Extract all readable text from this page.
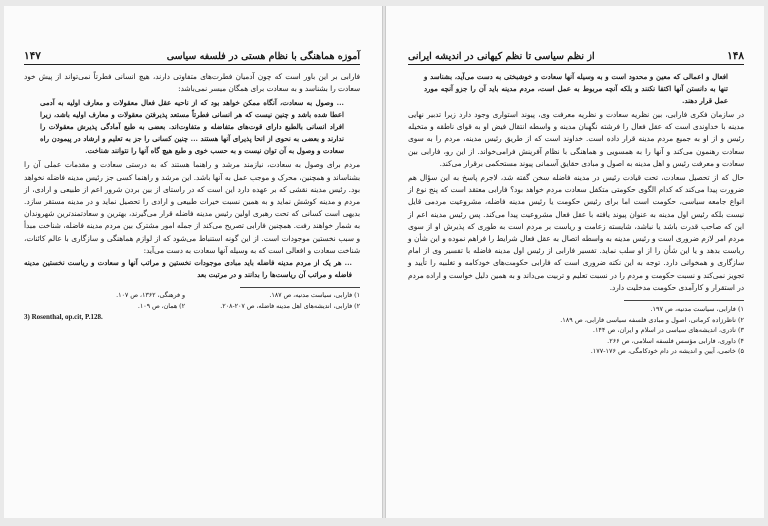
آموزه هماهنگی با نظام هستی در فلسفه سیاسی
۱۴۷

فارابی بر این باور است که چون آدمیان فطرت‌های متفاوتی دارند، هیچ انسانی فطرتاً نمی‌تواند از پیش خود سعادت را بشناسد و به سعادت برای همگان میسر نمی‌باشد:

... وصول به سعادت، آنگاه ممکن خواهد بود که از ناحیه عقل فعال معقولات و معارف اولیه به آدمی اعطا شده باشد و چنین نیست که هر انسانی فطرتاً مستعد پذیرفتن معقولات و معارف اولیه باشد، زیرا افراد انسانی بالطبع دارای قوت‌های متفاضله و متفاوت‌اند. بعضی به طبع آمادگی پذیرش معقولات را ندارند و بعضی به نحوی از انحا پذیرای آنها هستند ... چنین کسانی را جز به تعلیم و ارشاد در پیمودن راه سعادت و وصول به آن توان نیست و به حسب خوی و طبع هیچ گاه آنها را نتوانند شناخت.

مردم برای وصول به سعادت، نیازمند مرشد و راهنما هستند که به درستی سعادت و مقدمات عملی آن را بشناساند و همچنین، محرک و موجب عمل به آنها باشد. این مرشد و راهنما کسی جز رئیس مدینه فاضله نخواهد بود. رئیس مدینه نقشی که بر عهده دارد این است که در راستای از بین بردن شرور اعم از طبیعی و ارادی، از مردم و مدینه کوشش نماید و به همین نسبت خیرات طبیعی و ارادی را تحصیل نماید و در مدینه مستقر سازد. بدیهی است کسانی که تحت رهبری اولین رئیس مدینه فاضله قرار می‌گیرند، بهترین و سعادتمندترین شهروندان به شمار خواهند رفت. همچنین فارابی تصریح می‌کند از جمله امور مشترک بین مردم مدینه فاضله، شناخت مبدأ و سبب نخستین موجودات است. از این گونه استنباط می‌شود که از لوازم هماهنگی و سازگاری با عالم کائنات، شناخت سعادت و افعالی است که به وسیله آنها سعادت به دست می‌آید:

... هر یک از مردم مدینه فاضله باید مبادی موجودات نخستین و مراتب آنها و سعادت و ریاست نخستین مدینه فاضله و مراتب آن ریاست‌ها را بدانند و در مرتبت بعد

۱) فارابی، سیاست مدنیه، ص ۱۸۷.
۲) فارابی، اندیشه‌های اهل مدینه فاضله، ص ۲۰۷-۲۰۸.
و فرهنگی، ۱۳۶۲، ص ۱۰۷.
۲) همان، ص ۱۰۹.
3) Rosenthal, op.cit, P.128.
۱۴۸
از نظم سیاسی تا نظم کیهانی در اندیشه ایرانی

افعال و اعمالی که معین و محدود است و به وسیله آنها سعادت و خوشبختی به دست می‌آید، بشناسد و تنها به دانستن آنها اکتفا نکنند و بلکه آنچه مربوط به عمل است، مردم مدینه باید آن را جزو آنچه مورد عمل قرار دهند.

در سازمان فکری فارابی، بین نظریه سعادت و نظریه معرفت وی، پیوند استواری وجود دارد زیرا تدبیر نهایی مدینه با خداوندی است که عقل فعال را فرشته نگهبان مدینه و واسطه انتقال فیض او به قوای ناطقه و متخیله رئیس و از او به جمیع مردم مدینه قرار داده است. خداوند است که از طریق رئیس مدینه، مردم را به سوی سعادت رهنمون می‌کند و آنها را به همسویی و هماهنگی با نظام آفرینش فرامی‌خواند. از این رو، فارابی بین سعادت و معرفت رئیس و اهل مدینه به اصول و مبادی حقایق آسمانی پیوند مستحکمی برقرار می‌کند.

حال که از تحصیل سعادت، تحت قیادت رئیس در مدینه فاضله سخن گفته شد، لاجرم پاسخ به این سؤال هم ضرورت پیدا می‌کند که کدام الگوی حکومتی متکفل سعادت مردم خواهد بود؟ فارابی معتقد است که پنج نوع از انواع جامعه سیاسی، حکومت است اما برای رئیس حکومت یا رئیس مدینه فاضله، مشروعیت مردمی قایل نیست بلکه رئیس اول مدینه به عنوان پیوند یافته با عقل فعال مشروعیت پیدا می‌کند. پس رئیس مدینه اعم از این که صاحب قدرت باشد یا نباشد، شایسته زعامت و ریاست بر مردم است به طوری که پذیرش او از سوی مردم امر لازم ضروری است و رئیس مدینه به واسطه اتصال به عقل فعال شرایط را فراهم نموده و این شأن و ریاست بدهد و یا این شأن را از او سلب نماید. تفسیر فارابی از رئیس اول مدینه فاضله با تفسیر وی از امام سازگاری و همخوانی دارد. توجه به این نکته ضروری است که فارابی حکومت‌های خودکامه و تغلبیه را تأیید و تجویز نمی‌کند و نسبت حکومت و مردم را در نسبت تعلیم و تربیت می‌داند و به همین دلیل خواست و اراده مردم در استقرار و کارآمدی حکومت مدخلیت دارد.

۱) فارابی، سیاست مدنیه، ص ۱۹۷.
۲) ناظرزاده کرمانی، اصول و مبادی فلسفه سیاسی فارابی، ص ۱۸۹.
۳) نادری، اندیشه‌های سیاسی در اسلام و ایران، ص ۱۴۴.
۴) داوری، فارابی مؤسس فلسفه اسلامی، ص ۲۶۶.
۵) خاتمی، آیین و اندیشه در دام خودکامگی، ص ۱۷۶-۱۷۷.
